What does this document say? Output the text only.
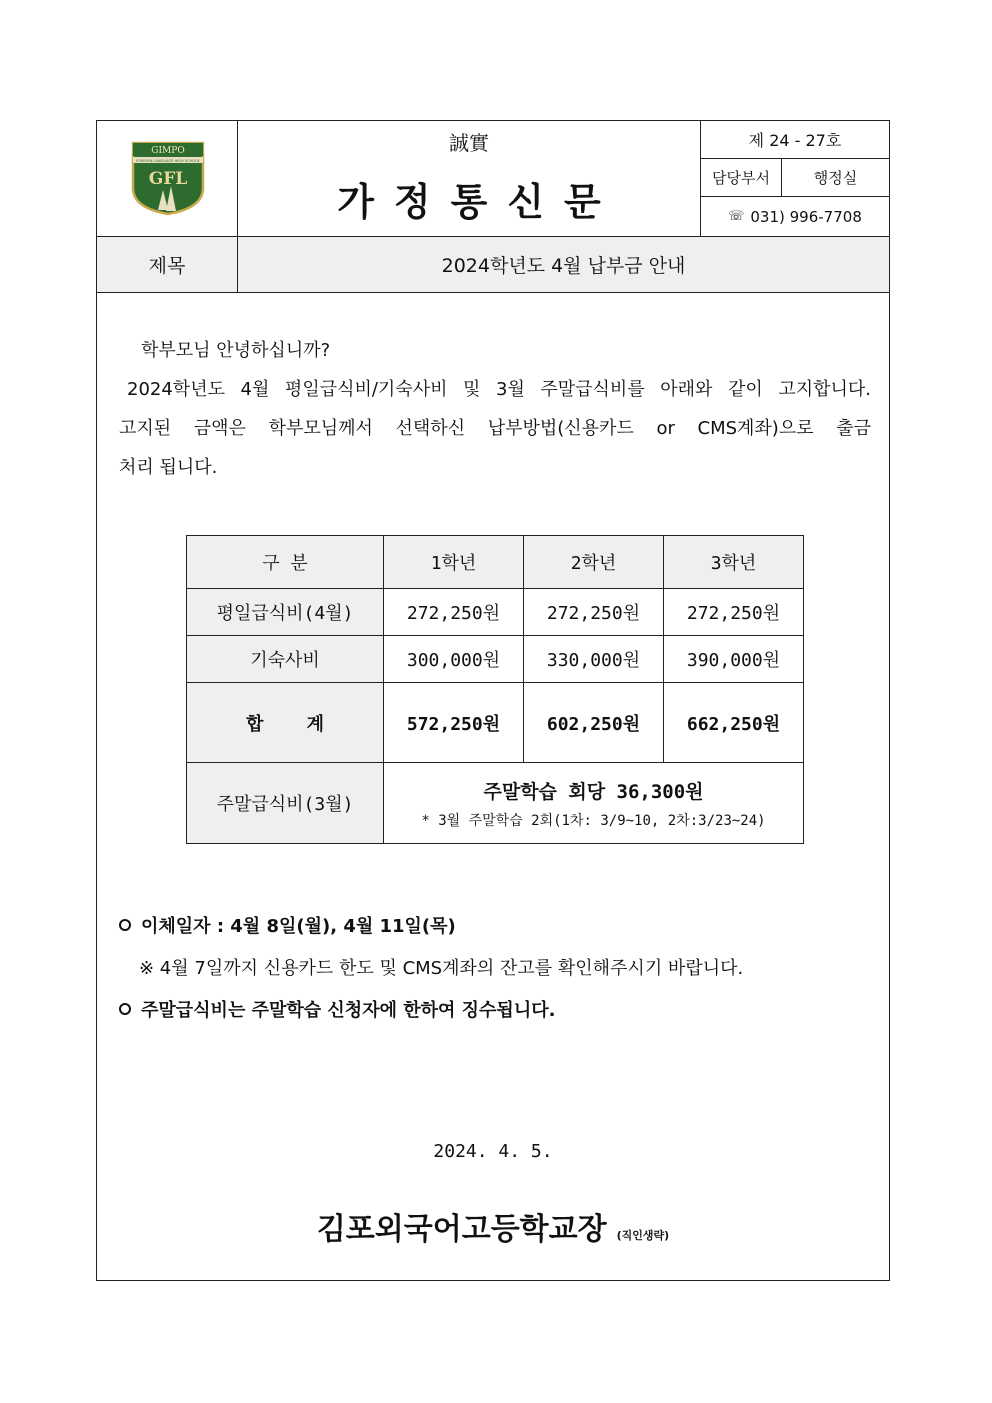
GIMPO
FOREIGN LANGUAGE HIGH SCHOOL
GFL
誠實
가정통신문
제 24 - 27호
담당부서	행정실
☏ 031) 996-7708
제목	2024학년도 4월 납부금 안내
학부모님 안녕하십니까?
2024학년도 4월 평일급식비/기숙사비 및 3월 주말급식비를 아래와 같이 고지합니다.
고지된 금액은 학부모님께서 선택하신 납부방법(신용카드 or CMS계좌)으로 출금
처리 됩니다.
구 분	1학년	2학년	3학년
평일급식비(4월)	272,250원	272,250원	272,250원
기숙사비	300,000원	330,000원	390,000원
합    계	572,250원	602,250원	662,250원
주말급식비(3월)	주말학습 회당 36,300원
* 3월 주말학습 2회(1차: 3/9~10, 2차:3/23~24)		
이체일자 : 4월 8일(월), 4월 11일(목)
※ 4월 7일까지 신용카드 한도 및 CMS계좌의 잔고를 확인해주시기 바랍니다.
주말급식비는 주말학습 신청자에 한하여 징수됩니다.
2024. 4. 5.
김포외국어고등학교장 (직인생략)
